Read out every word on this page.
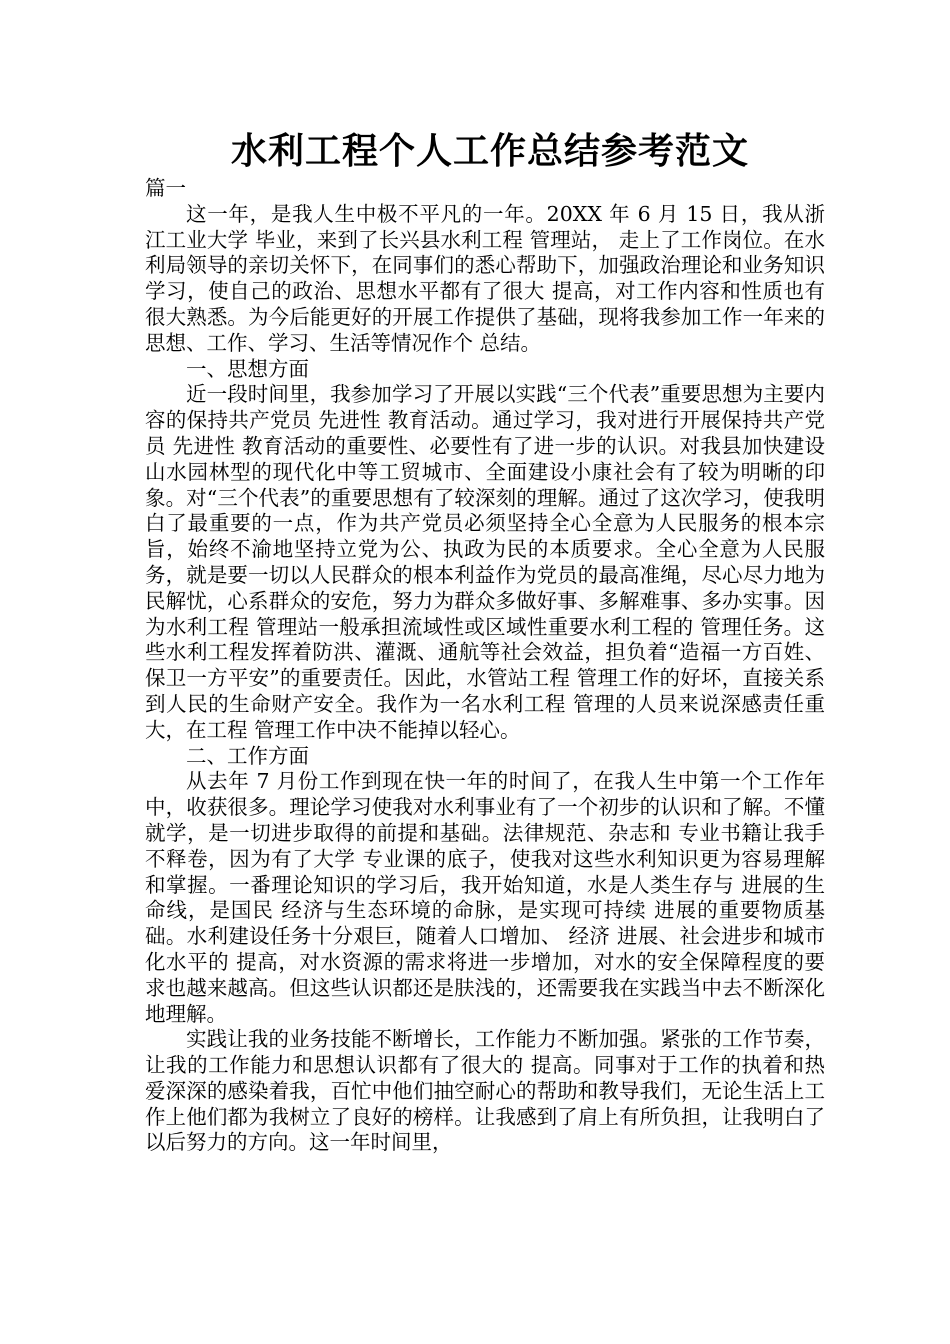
水利工程个人工作总结参考范文

篇一

这一年，是我人生中极不平凡的一年。20XX 年 6 月 15 日，我从浙江工业大学 毕业，来到了长兴县水利工程 管理站， 走上了工作岗位。在水利局领导的亲切关怀下，在同事们的悉心帮助下，加强政治理论和业务知识学习，使自己的政治、思想水平都有了很大 提高，对工作内容和性质也有很大熟悉。为今后能更好的开展工作提供了基础，现将我参加工作一年来的思想、工作、学习、生活等情况作个 总结。

一、思想方面

近一段时间里，我参加学习了开展以实践“三个代表”重要思想为主要内容的保持共产党员 先进性 教育活动。通过学习，我对进行开展保持共产党员 先进性 教育活动的重要性、必要性有了进一步的认识。对我县加快建设山水园林型的现代化中等工贸城市、全面建设小康社会有了较为明晰的印象。对“三个代表”的重要思想有了较深刻的理解。通过了这次学习，使我明白了最重要的一点，作为共产党员必须坚持全心全意为人民服务的根本宗旨，始终不渝地坚持立党为公、执政为民的本质要求。全心全意为人民服务，就是要一切以人民群众的根本利益作为党员的最高准绳，尽心尽力地为民解忧，心系群众的安危，努力为群众多做好事、多解难事、多办实事。因为水利工程 管理站一般承担流域性或区域性重要水利工程的 管理任务。这些水利工程发挥着防洪、灌溉、通航等社会效益，担负着“造福一方百姓、保卫一方平安”的重要责任。因此，水管站工程 管理工作的好坏，直接关系到人民的生命财产安全。我作为一名水利工程 管理的人员来说深感责任重大，在工程 管理工作中决不能掉以轻心。

二、工作方面

从去年 7 月份工作到现在快一年的时间了，在我人生中第一个工作年中，收获很多。理论学习使我对水利事业有了一个初步的认识和了解。不懂就学，是一切进步取得的前提和基础。法律规范、杂志和 专业书籍让我手不释卷，因为有了大学 专业课的底子，使我对这些水利知识更为容易理解和掌握。一番理论知识的学习后，我开始知道，水是人类生存与 进展的生命线，是国民 经济与生态环境的命脉，是实现可持续 进展的重要物质基础。水利建设任务十分艰巨，随着人口增加、 经济 进展、社会进步和城市化水平的 提高，对水资源的需求将进一步增加，对水的安全保障程度的要求也越来越高。但这些认识都还是肤浅的，还需要我在实践当中去不断深化地理解。

实践让我的业务技能不断增长，工作能力不断加强。紧张的工作节奏，让我的工作能力和思想认识都有了很大的 提高。同事对于工作的执着和热爱深深的感染着我，百忙中他们抽空耐心的帮助和教导我们，无论生活上工作上他们都为我树立了良好的榜样。让我感到了肩上有所负担，让我明白了以后努力的方向。这一年时间里，
